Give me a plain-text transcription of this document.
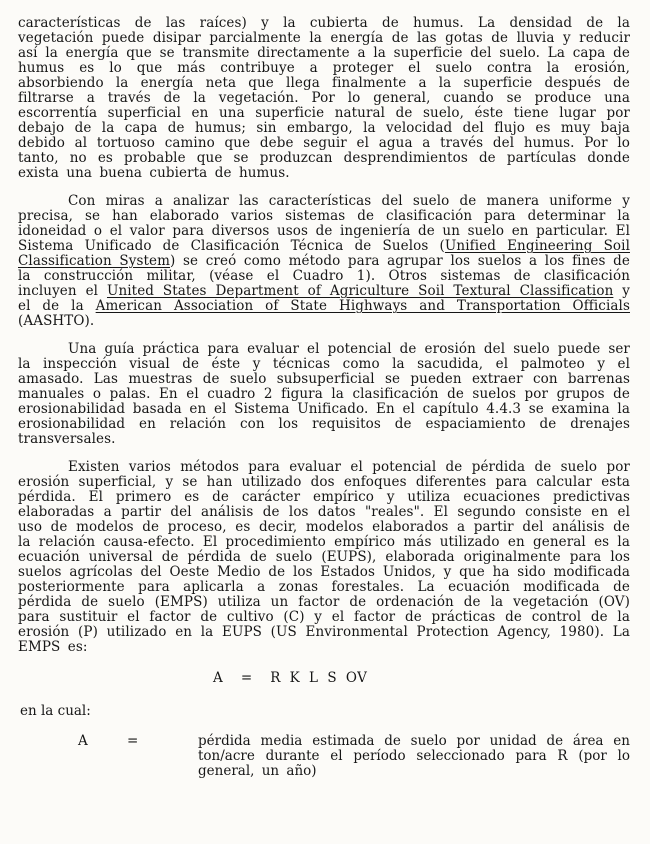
características de las raíces) y la cubierta de humus. La densidad de la vegetación puede disipar parcialmente la energía de las gotas de lluvia y reducir así la energía que se transmite directamente a la superficie del suelo. La capa de humus es lo que más contribuye a proteger el suelo contra la erosión, absorbiendo la energía neta que llega finalmente a la superficie después de filtrarse a través de la vegetación. Por lo general, cuando se produce una escorrentía superficial en una superficie natural de suelo, éste tiene lugar por debajo de la capa de humus; sin embargo, la velocidad del flujo es muy baja debido al tortuoso camino que debe seguir el agua a través del humus. Por lo tanto, no es probable que se produzcan desprendimientos de partículas donde exista una buena cubierta de humus.

Con miras a analizar las características del suelo de manera uniforme y precisa, se han elaborado varios sistemas de clasificación para determinar la idoneidad o el valor para diversos usos de ingeniería de un suelo en particular. El Sistema Unificado de Clasificación Técnica de Suelos (Unified Engineering Soil Classification System) se creó como método para agrupar los suelos a los fines de la construcción militar, (véase el Cuadro 1). Otros sistemas de clasificación incluyen el United States Department of Agriculture Soil Textural Classification y el de la American Association of State Highways and Transportation Officials (AASHTO).

Una guía práctica para evaluar el potencial de erosión del suelo puede ser la inspección visual de éste y técnicas como la sacudida, el palmoteo y el amasado. Las muestras de suelo subsuperficial se pueden extraer con barrenas manuales o palas. En el cuadro 2 figura la clasificación de suelos por grupos de erosionabilidad basada en el Sistema Unificado. En el capítulo 4.4.3 se examina la erosionabilidad en relación con los requisitos de espaciamiento de drenajes transversales.

Existen varios métodos para evaluar el potencial de pérdida de suelo por erosión superficial, y se han utilizado dos enfoques diferentes para calcular esta pérdida. El primero es de carácter empírico y utiliza ecuaciones predictivas elaboradas a partir del análisis de los datos "reales". El segundo consiste en el uso de modelos de proceso, es decir, modelos elaborados a partir del análisis de la relación causa-efecto. El procedimiento empírico más utilizado en general es la ecuación universal de pérdida de suelo (EUPS), elaborada originalmente para los suelos agrícolas del Oeste Medio de los Estados Unidos, y que ha sido modificada posteriormente para aplicarla a zonas forestales. La ecuación modificada de pérdida de suelo (EMPS) utiliza un factor de ordenación de la vegetación (OV) para sustituir el factor de cultivo (C) y el factor de prácticas de control de la erosión (P) utilizado en la EUPS (US Environmental Protection Agency, 1980). La EMPS es:

A  =  R K L S OV
en la cual:
A	=	pérdida media estimada de suelo por unidad de área en ton/acre durante el período seleccionado para R (por lo general, un año)
